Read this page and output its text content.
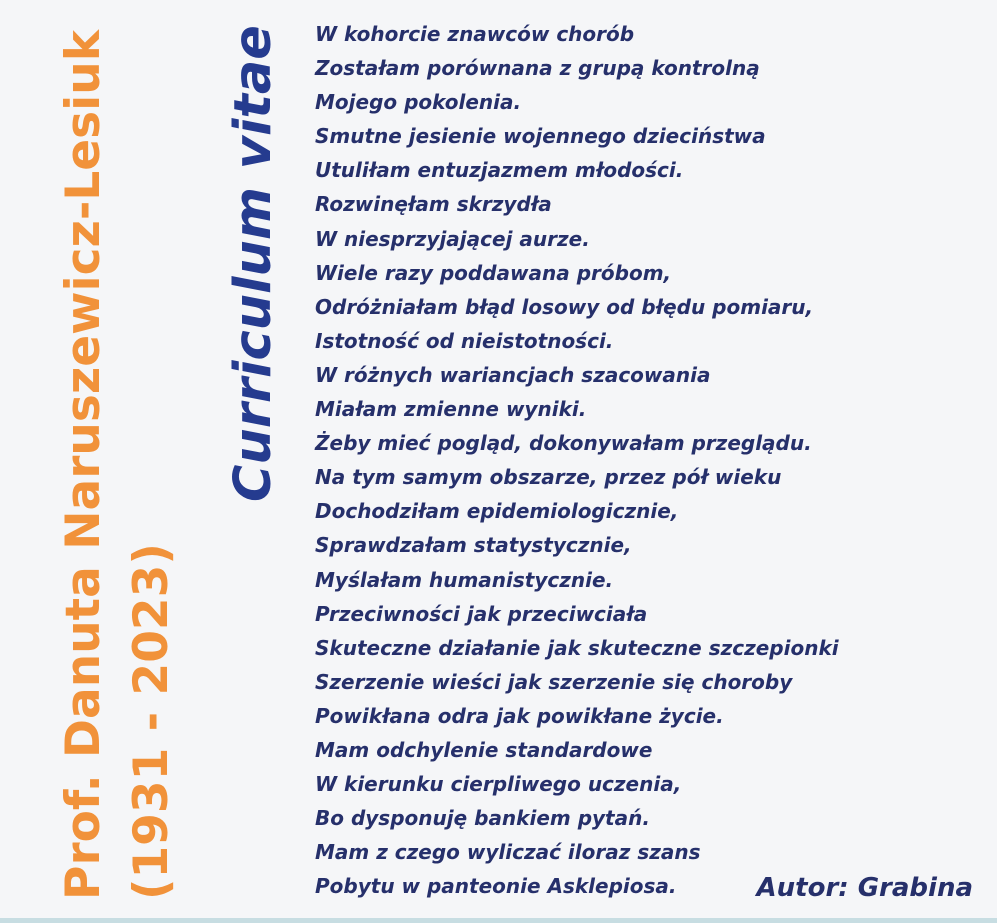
Prof. Danuta Naruszewicz-Lesiuk (1931 - 2023)
Curriculum vitae W kohorcie znawców chorób
Zostałam porównana z grupą kontrolną
Mojego pokolenia.
Smutne jesienie wojennego dzieciństwa
Utuliłam entuzjazmem młodości.
Rozwinęłam skrzydła
W niesprzyjającej aurze.
Wiele razy poddawana próbom,
Odróżniałam błąd losowy od błędu pomiaru,
Istotność od nieistotności.
W różnych wariancjach szacowania
Miałam zmienne wyniki.
Żeby mieć pogląd, dokonywałam przeglądu.
Na tym samym obszarze, przez pół wieku
Dochodziłam epidemiologicznie,
Sprawdzałam statystycznie,
Myślałam humanistycznie.
Przeciwności jak przeciwciała
Skuteczne działanie jak skuteczne szczepionki
Szerzenie wieści jak szerzenie się choroby
Powikłana odra jak powikłane życie.
Mam odchylenie standardowe
W kierunku cierpliwego uczenia,
Bo dysponuję bankiem pytań.
Mam z czego wyliczać iloraz szans
Pobytu w panteonie Asklepiosa.	Autor: Grabina
